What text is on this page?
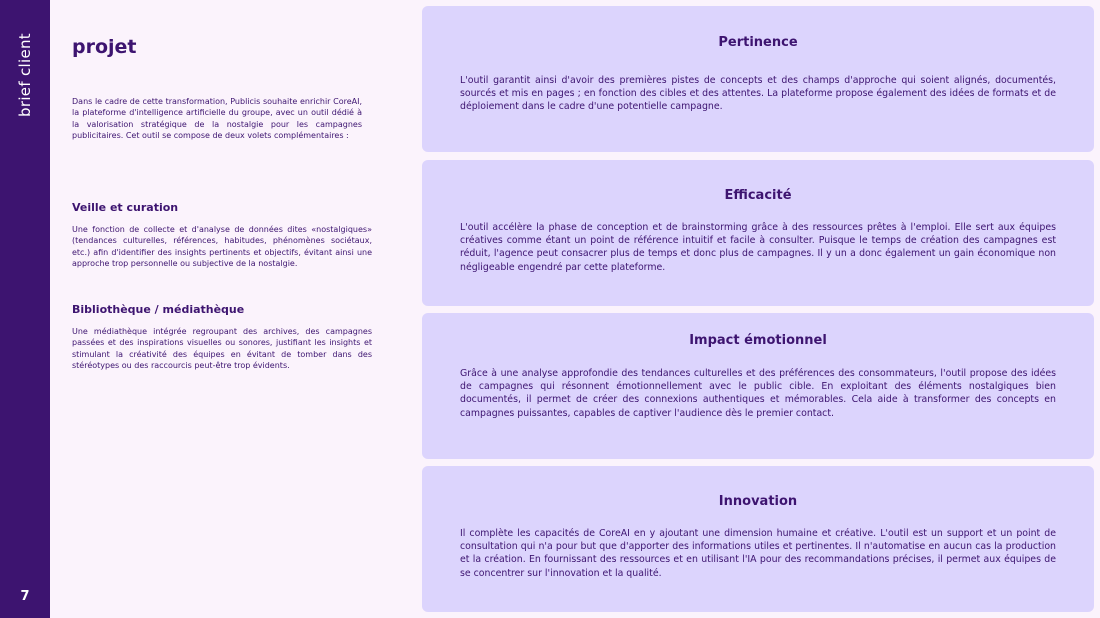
brief client
7
projet

Dans le cadre de cette transformation, Publicis souhaite enrichir CoreAI, la plateforme d'intelligence artificielle du groupe, avec un outil dédié à la valorisation stratégique de la nostalgie pour les campagnes publicitaires. Cet outil se compose de deux volets complémentaires :

Veille et curation

Une fonction de collecte et d'analyse de données dites «nostalgiques» (tendances culturelles, références, habitudes, phénomènes sociétaux, etc.) afin d'identifier des insights pertinents et objectifs, évitant ainsi une approche trop personnelle ou subjective de la nostalgie.

Bibliothèque / médiathèque

Une médiathèque intégrée regroupant des archives, des campagnes passées et des inspirations visuelles ou sonores, justifiant les insights et stimulant la créativité des équipes en évitant de tomber dans des stéréotypes ou des raccourcis peut-être trop évidents.

Pertinence

L'outil garantit ainsi d'avoir des premières pistes de concepts et des champs d'approche qui soient alignés, documentés, sourcés et mis en pages ; en fonction des cibles et des attentes. La plateforme propose également des idées de formats et de déploiement dans le cadre d'une potentielle campagne.

Efficacité

L'outil accélère la phase de conception et de brainstorming grâce à des ressources prêtes à l'emploi. Elle sert aux équipes créatives comme étant un point de référence intuitif et facile à consulter. Puisque le temps de création des campagnes est réduit, l'agence peut consacrer plus de temps et donc plus de campagnes. Il y un a donc également un gain économique non négligeable engendré par cette plateforme.

Impact émotionnel

Grâce à une analyse approfondie des tendances culturelles et des préférences des consommateurs, l'outil propose des idées de campagnes qui résonnent émotionnellement avec le public cible. En exploitant des éléments nostalgiques bien documentés, il permet de créer des connexions authentiques et mémorables. Cela aide à transformer des concepts en campagnes puissantes, capables de captiver l'audience dès le premier contact.

Innovation

Il complète les capacités de CoreAI en y ajoutant une dimension humaine et créative. L'outil est un support et un point de consultation qui n'a pour but que d'apporter des informations utiles et pertinentes. Il n'automatise en aucun cas la production et la création. En fournissant des ressources et en utilisant l'IA pour des recommandations précises, il permet aux équipes de se concentrer sur l'innovation et la qualité.
